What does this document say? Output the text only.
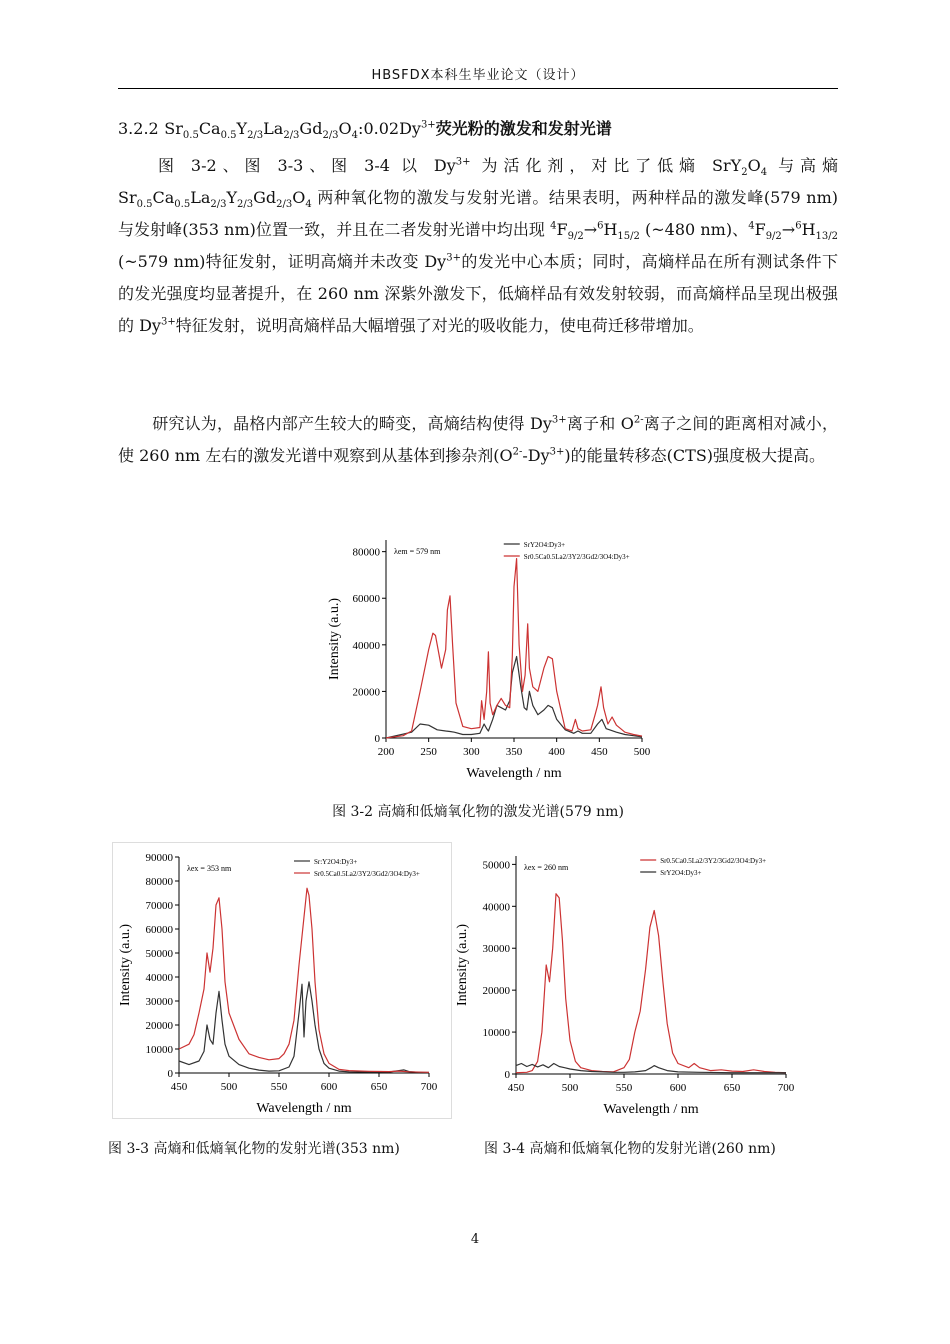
HBSFDX本科生毕业论文（设计）
3.2.2 $Sr_{0.5}Ca_{0.5}Y_{2/3}La_{2/3}Gd_{2/3}O_4:0.02Dy^{3+}$荧光粉的激发和发射光谱
图 3-2、图 3-3、图 3-4 以 $Dy^{3+}$ 为活化剂，对比了低熵 $SrY_2O_4$ 与高熵 $Sr_{0.5}Ca_{0.5}La_{2/3}Y_{2/3}Gd_{2/3}O_4$ 两种氧化物的激发与发射光谱。结果表明，两种样品的激发峰(579 nm)与发射峰(353 nm)位置一致，并且在二者发射光谱中均出现 $^4F_{9/2}\to^6H_{15/2}$ (~480 nm)、$^4F_{9/2}\to^6H_{13/2}$ (~579 nm)特征发射，证明高熵并未改变 $Dy^{3+}$的发光中心本质；同时，高熵样品在所有测试条件下的发光强度均显著提升，在 260 nm 深紫外激发下，低熵样品有效发射较弱，而高熵样品呈现出极强的 $Dy^{3+}$特征发射，说明高熵样品大幅增强了对光的吸收能力，使电荷迁移带增加。
研究认为，晶格内部产生较大的畸变，高熵结构使得 $Dy^{3+}$离子和 $O^{2-}$离子之间的距离相对减小，使 260 nm 左右的激发光谱中观察到从基体到掺杂剂$(O^{2-}-Dy^{3+})$的能量转移态(CTS)强度极大提高。
200 250 300 350 400 450 500
0
20000
40000
60000
80000
Wavelength / nm
Intensity (a.u.)
λem = 579 nm
SrY2O4:Dy3+
Sr0.5Ca0.5La2/3Y2/3Gd2/3O4:Dy3+
图 3-2 高熵和低熵氧化物的激发光谱(579 nm)
450	500	550	600	650	700
0
10000
20000
30000
40000
50000
60000
70000
80000
90000
Wavelength / nm
Intensity (a.u.)
λex = 353 nm
Sr:Y2O4:Dy3+
Sr0.5Ca0.5La2/3Y2/3Gd2/3O4:Dy3+
450	500	550	600	650	700
0
10000
20000
30000
40000
50000
Wavelength / nm
Intensity (a.u.)
λex = 260 nm
Sr0.5Ca0.5La2/3Y2/3Gd2/3O4:Dy3+
SrY2O4:Dy3+
图 3-3 高熵和低熵氧化物的发射光谱(353 nm)	图 3-4 高熵和低熵氧化物的发射光谱(260 nm)
4
